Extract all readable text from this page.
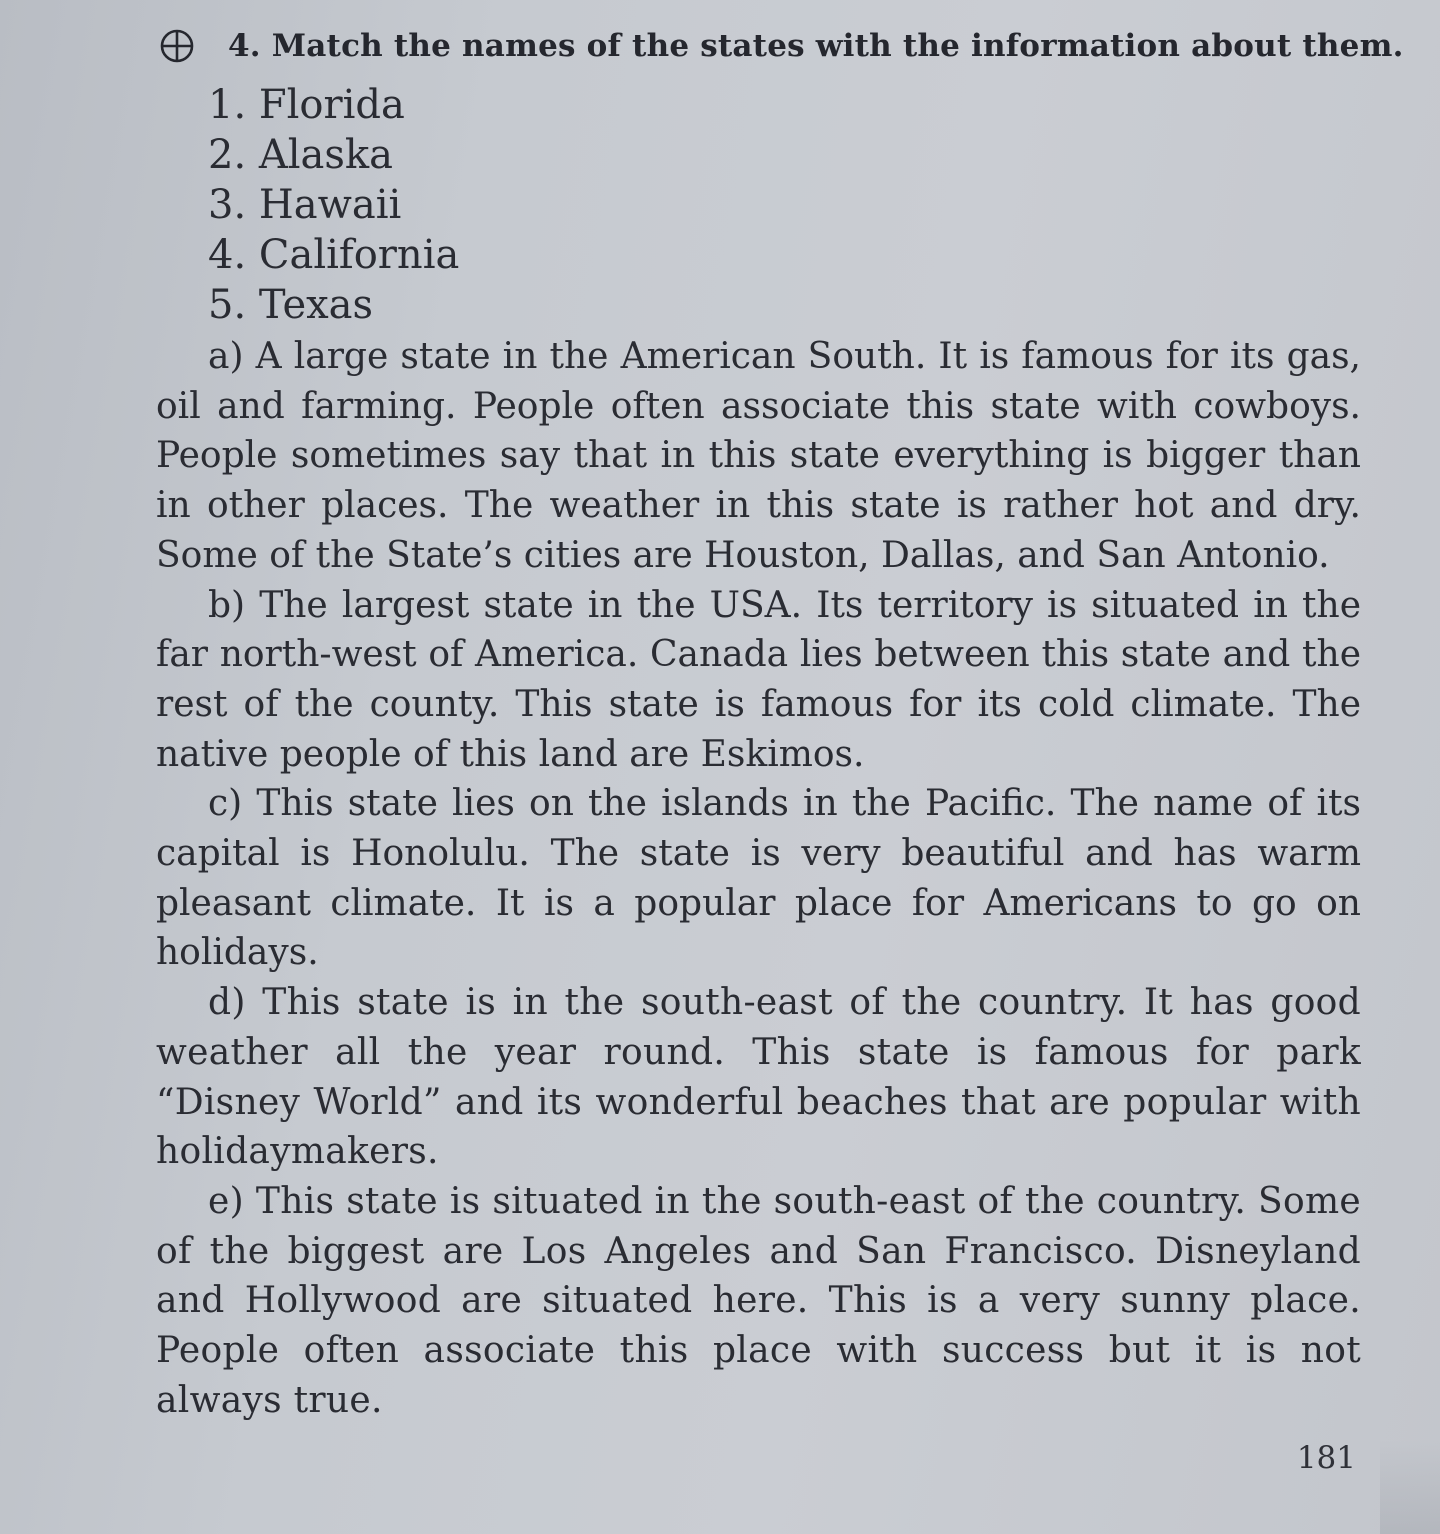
4. Match the names of the states with the information about them.
1. Florida
2. Alaska
3. Hawaii
4. California
5. Texas

a) A large state in the American South. It is famous for its gas, oil and farming. People often associate this state with cowboys. People sometimes say that in this state everything is bigger than in other places. The weather in this state is rather hot and dry. Some of the State’s cities are Houston, Dallas, and San Antonio.

b) The largest state in the USA. Its territory is situated in the far north-west of America. Canada lies between this state and the rest of the county. This state is famous for its cold climate. The native people of this land are Eskimos.

c) This state lies on the islands in the Pacific. The name of its capital is Honolulu. The state is very beautiful and has warm pleasant climate. It is a popular place for Americans to go on holidays.

d) This state is in the south-east of the country. It has good weather all the year round. This state is famous for park “Disney World” and its wonderful beaches that are popular with holidaymakers.

e) This state is situated in the south-east of the country. Some of the biggest are Los Angeles and San Francisco. Disneyland and Hollywood are situated here. This is a very sunny place. People often associate this place with success but it is not always true.

181
